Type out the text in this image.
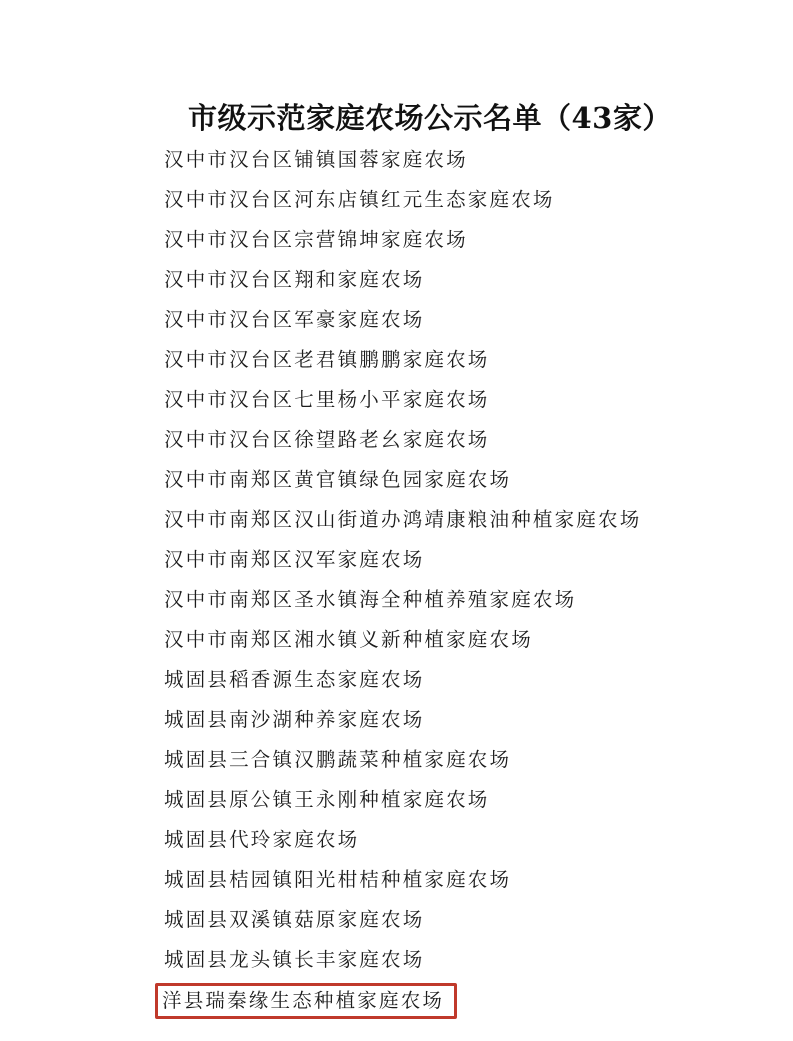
市级示范家庭农场公示名单（43家）
汉中市汉台区铺镇国蓉家庭农场
汉中市汉台区河东店镇红元生态家庭农场
汉中市汉台区宗营锦坤家庭农场
汉中市汉台区翔和家庭农场
汉中市汉台区军豪家庭农场
汉中市汉台区老君镇鹏鹏家庭农场
汉中市汉台区七里杨小平家庭农场
汉中市汉台区徐望路老幺家庭农场
汉中市南郑区黄官镇绿色园家庭农场
汉中市南郑区汉山街道办鸿靖康粮油种植家庭农场
汉中市南郑区汉军家庭农场
汉中市南郑区圣水镇海全种植养殖家庭农场
汉中市南郑区湘水镇义新种植家庭农场
城固县稻香源生态家庭农场
城固县南沙湖种养家庭农场
城固县三合镇汉鹏蔬菜种植家庭农场
城固县原公镇王永刚种植家庭农场
城固县代玲家庭农场
城固县桔园镇阳光柑桔种植家庭农场
城固县双溪镇菇原家庭农场
城固县龙头镇长丰家庭农场
洋县瑞秦缘生态种植家庭农场
